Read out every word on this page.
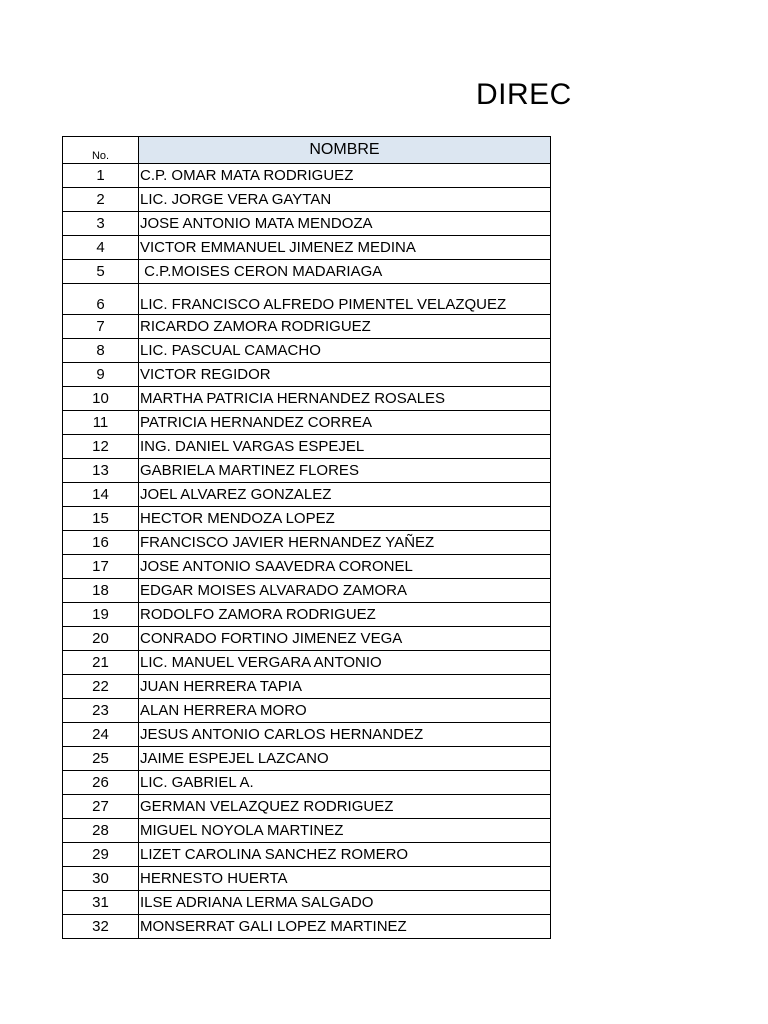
DIREC
No.	NOMBRE
1	C.P. OMAR MATA RODRIGUEZ
2	LIC. JORGE VERA GAYTAN
3	JOSE ANTONIO MATA MENDOZA
4	VICTOR EMMANUEL JIMENEZ MEDINA
5	C.P.MOISES CERON MADARIAGA
6	LIC. FRANCISCO ALFREDO PIMENTEL VELAZQUEZ
7	RICARDO ZAMORA RODRIGUEZ
8	LIC. PASCUAL CAMACHO
9	VICTOR REGIDOR
10	MARTHA PATRICIA HERNANDEZ ROSALES
11	PATRICIA HERNANDEZ CORREA
12	ING. DANIEL VARGAS ESPEJEL
13	GABRIELA MARTINEZ FLORES
14	JOEL ALVAREZ GONZALEZ
15	HECTOR MENDOZA LOPEZ
16	FRANCISCO JAVIER HERNANDEZ YAÑEZ
17	JOSE ANTONIO SAAVEDRA CORONEL
18	EDGAR MOISES ALVARADO ZAMORA
19	RODOLFO ZAMORA RODRIGUEZ
20	CONRADO FORTINO JIMENEZ VEGA
21	LIC. MANUEL VERGARA ANTONIO
22	JUAN HERRERA TAPIA
23	ALAN HERRERA MORO
24	JESUS ANTONIO CARLOS HERNANDEZ
25	JAIME ESPEJEL LAZCANO
26	LIC. GABRIEL A.
27	GERMAN VELAZQUEZ RODRIGUEZ
28	MIGUEL NOYOLA MARTINEZ
29	LIZET CAROLINA SANCHEZ ROMERO
30	HERNESTO HUERTA
31	ILSE ADRIANA LERMA SALGADO
32	MONSERRAT GALI LOPEZ MARTINEZ
